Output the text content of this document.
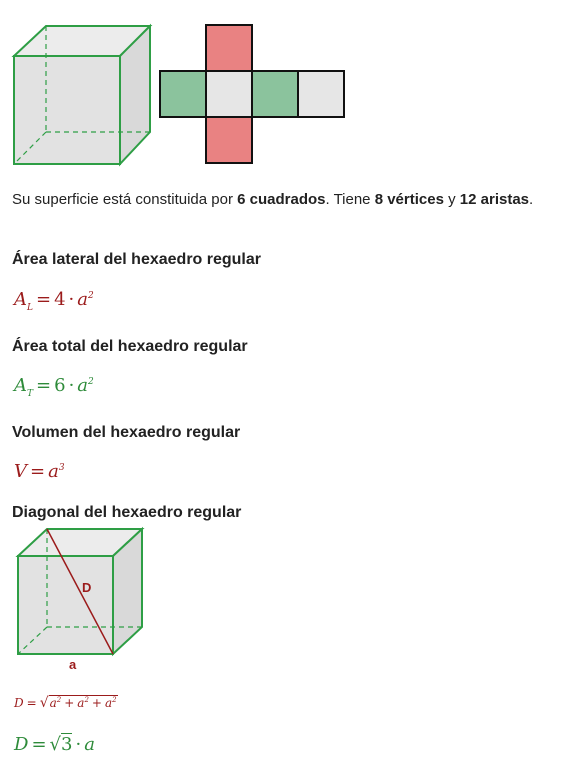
Su superficie está constituida por 6 cuadrados. Tiene 8 vértices y 12 aristas.
Área lateral del hexaedro regular
$A_L = 4 \cdot a^2$
Área total del hexaedro regular
$A_T = 6 \cdot a^2$
Volumen del hexaedro regular
$V = a^3$
Diagonal del hexaedro regular
D
a
$D = √a^2 + a^2 + a^2$
D = √3 · a
